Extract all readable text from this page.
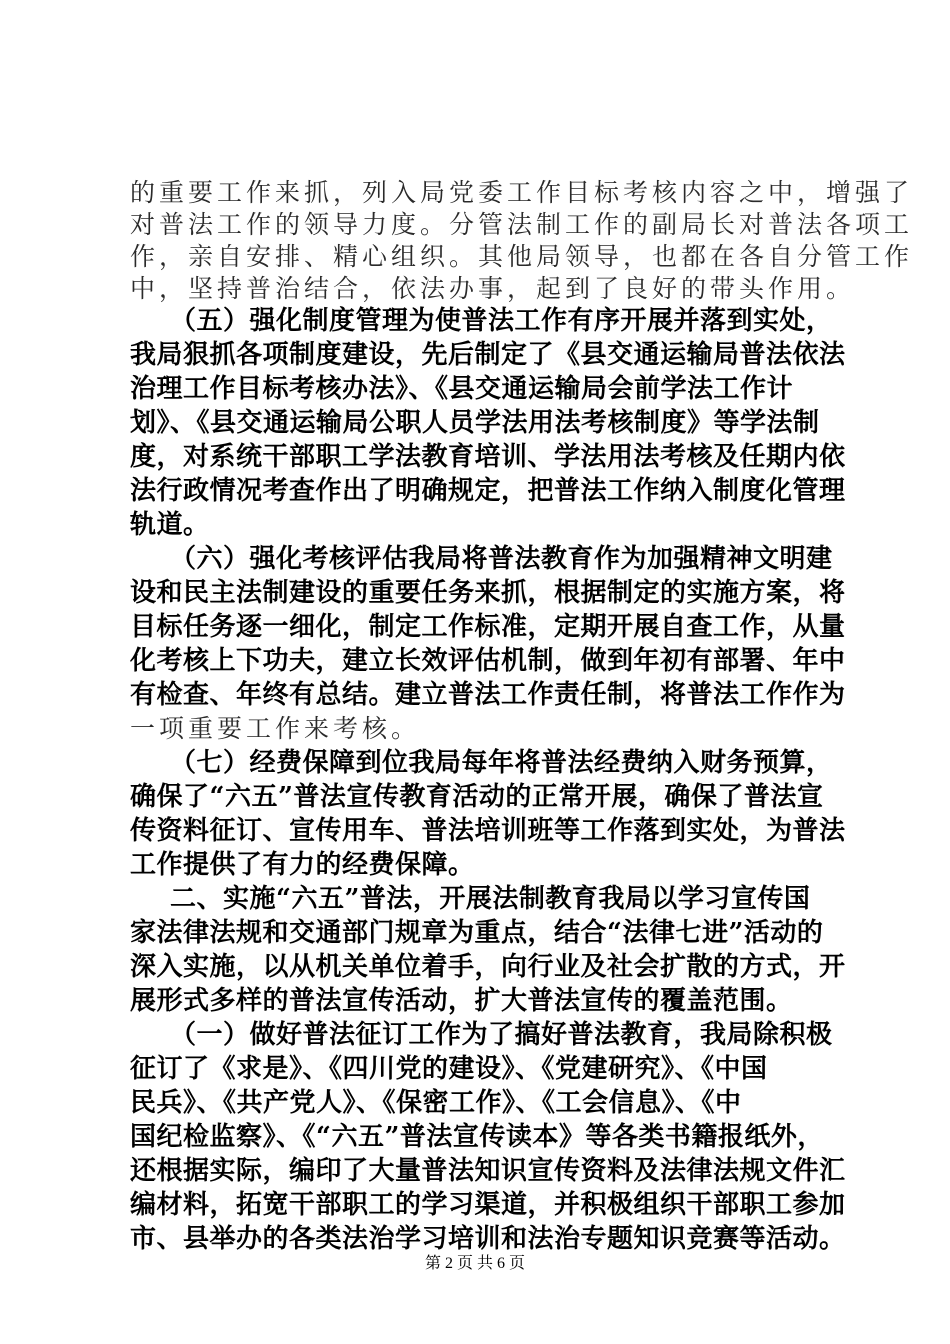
的重要工作来抓，列入局党委工作目标考核内容之中，增强了
对普法工作的领导力度。分管法制工作的副局长对普法各项工
作，亲自安排、精心组织。其他局领导，也都在各自分管工作
中，坚持普治结合，依法办事，起到了良好的带头作用。
（五）强化制度管理为使普法工作有序开展并落到实处，
我局狠抓各项制度建设，先后制定了《县交通运输局普法依法
治理工作目标考核办法》、《县交通运输局会前学法工作计
划》、《县交通运输局公职人员学法用法考核制度》等学法制
度，对系统干部职工学法教育培训、学法用法考核及任期内依
法行政情况考查作出了明确规定，把普法工作纳入制度化管理
轨道。
（六）强化考核评估我局将普法教育作为加强精神文明建
设和民主法制建设的重要任务来抓，根据制定的实施方案，将
目标任务逐一细化，制定工作标准，定期开展自查工作，从量
化考核上下功夫，建立长效评估机制，做到年初有部署、年中
有检查、年终有总结。建立普法工作责任制，将普法工作作为
一项重要工作来考核。
（七）经费保障到位我局每年将普法经费纳入财务预算，
确保了“六五”普法宣传教育活动的正常开展，确保了普法宣
传资料征订、宣传用车、普法培训班等工作落到实处，为普法
工作提供了有力的经费保障。
二、实施“六五”普法，开展法制教育我局以学习宣传国
家法律法规和交通部门规章为重点，结合“法律七进”活动的
深入实施，以从机关单位着手，向行业及社会扩散的方式，开
展形式多样的普法宣传活动，扩大普法宣传的覆盖范围。
（一）做好普法征订工作为了搞好普法教育，我局除积极
征订了《求是》、《四川党的建设》、《党建研究》、《中国
民兵》、《共产党人》、《保密工作》、《工会信息》、《中
国纪检监察》、《“六五”普法宣传读本》等各类书籍报纸外，
还根据实际，编印了大量普法知识宣传资料及法律法规文件汇
编材料，拓宽干部职工的学习渠道，并积极组织干部职工参加
市、县举办的各类法治学习培训和法治专题知识竞赛等活动。
第 2 页 共 6 页
